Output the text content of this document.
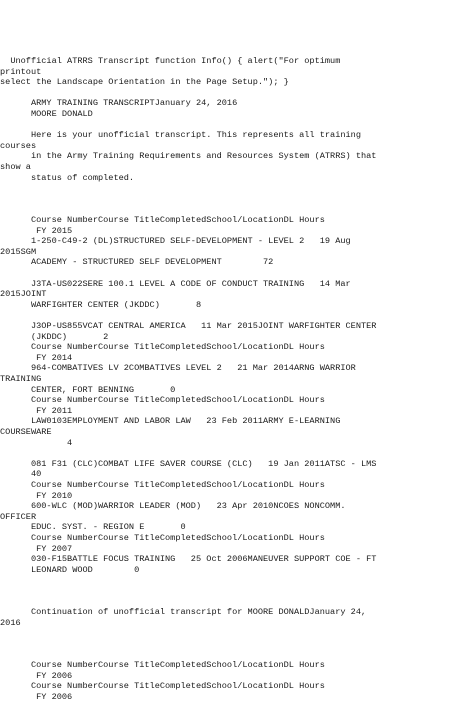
Unofficial ATRRS Transcript function Info() { alert("For optimum
printout
select the Landscape Orientation in the Page Setup."); }
ARMY TRAINING TRANSCRIPTJanuary 24, 2016
MOORE DONALD
Here is your unofficial transcript. This represents all training
courses
in the Army Training Requirements and Resources System (ATRRS) that
show a
status of completed.
Course NumberCourse TitleCompletedSchool/LocationDL Hours
FY 2015
1-250-C49-2 (DL)STRUCTURED SELF-DEVELOPMENT - LEVEL 2   19 Aug
2015SGM
ACADEMY - STRUCTURED SELF DEVELOPMENT        72
J3TA-US022SERE 100.1 LEVEL A CODE OF CONDUCT TRAINING   14 Mar
2015JOINT
WARFIGHTER CENTER (JKDDC)       8
J3OP-US855VCAT CENTRAL AMERICA   11 Mar 2015JOINT WARFIGHTER CENTER
(JKDDC)       2
Course NumberCourse TitleCompletedSchool/LocationDL Hours
FY 2014
964-COMBATIVES LV 2COMBATIVES LEVEL 2   21 Mar 2014ARNG WARRIOR
TRAINING
CENTER, FORT BENNING       0
Course NumberCourse TitleCompletedSchool/LocationDL Hours
FY 2011
LAW0103EMPLOYMENT AND LABOR LAW   23 Feb 2011ARMY E-LEARNING
COURSEWARE
4
081 F31 (CLC)COMBAT LIFE SAVER COURSE (CLC)   19 Jan 2011ATSC - LMS
40
Course NumberCourse TitleCompletedSchool/LocationDL Hours
FY 2010
600-WLC (MOD)WARRIOR LEADER (MOD)   23 Apr 2010NCOES NONCOMM.
OFFICER
EDUC. SYST. - REGION E       0
Course NumberCourse TitleCompletedSchool/LocationDL Hours
FY 2007
030-F15BATTLE FOCUS TRAINING   25 Oct 2006MANEUVER SUPPORT COE - FT
LEONARD WOOD        0
Continuation of unofficial transcript for MOORE DONALDJanuary 24,
2016
Course NumberCourse TitleCompletedSchool/LocationDL Hours
FY 2006
Course NumberCourse TitleCompletedSchool/LocationDL Hours
FY 2006
